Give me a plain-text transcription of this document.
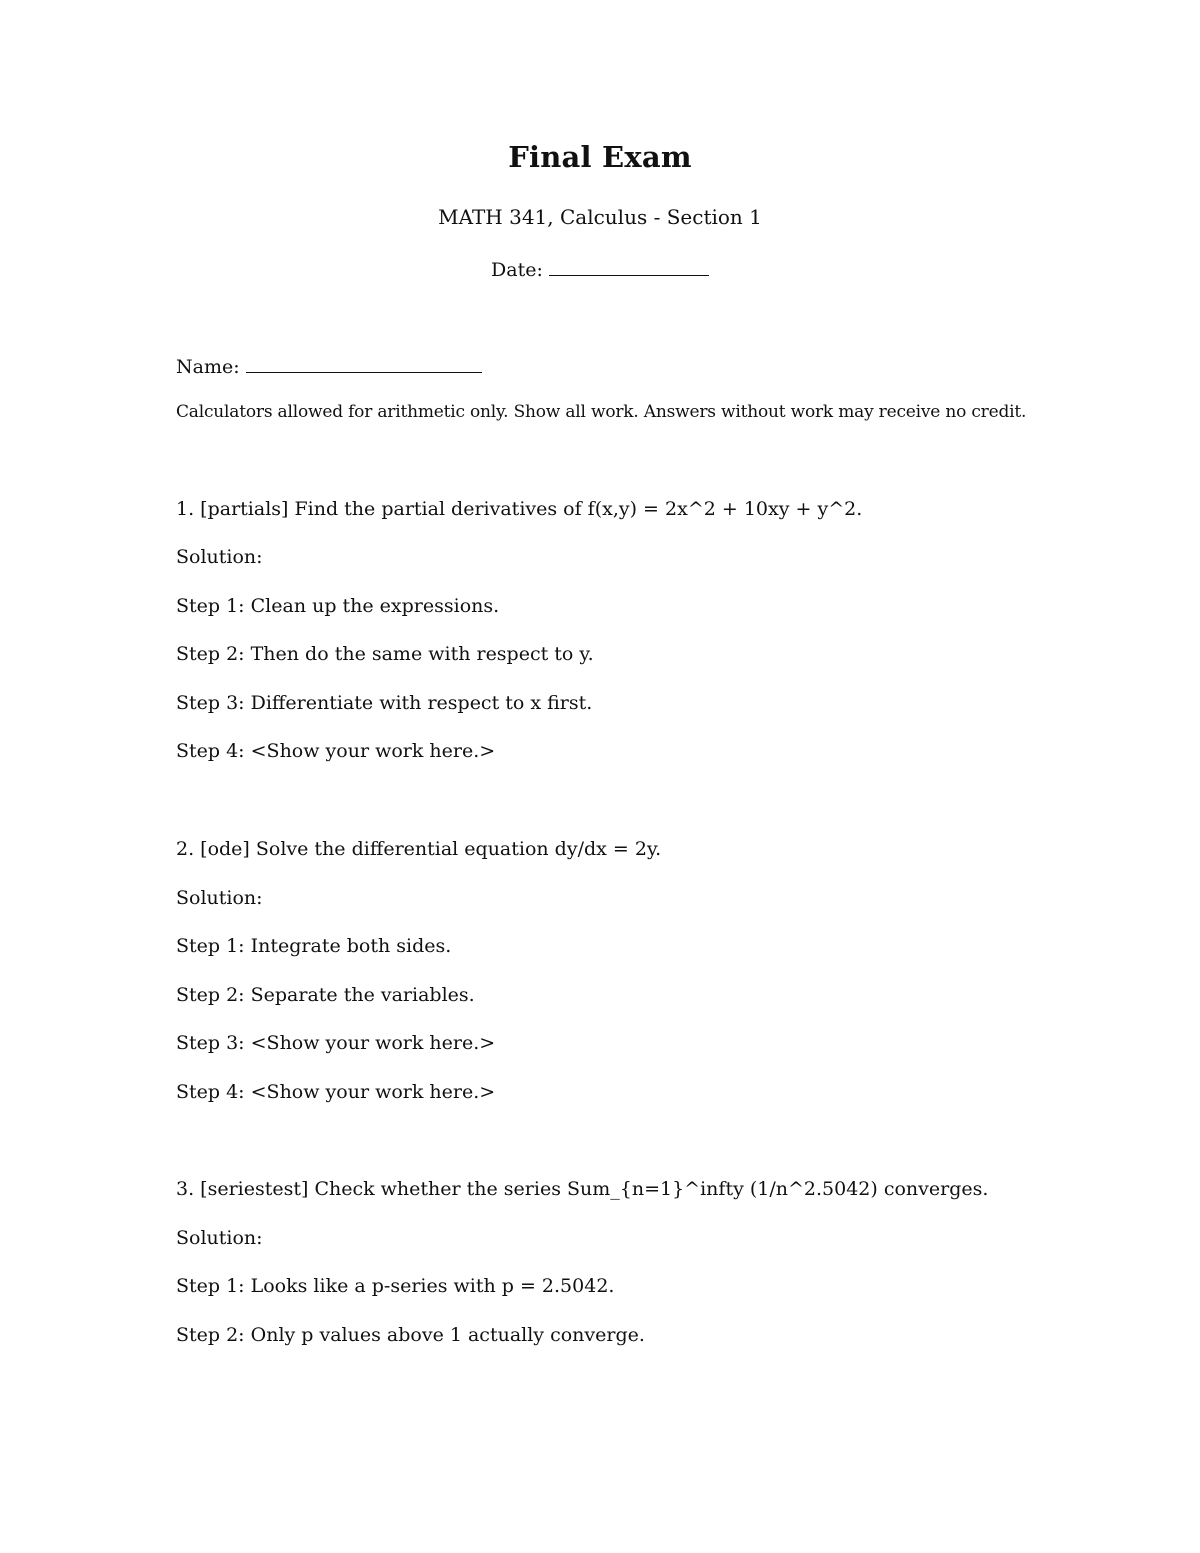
Final Exam
MATH 341, Calculus - Section 1
Date:
Name:
Calculators allowed for arithmetic only. Show all work. Answers without work may receive no credit.
1. [partials] Find the partial derivatives of f(x,y) = 2x^2 + 10xy + y^2.
Solution:
Step 1: Clean up the expressions.
Step 2: Then do the same with respect to y.
Step 3: Differentiate with respect to x first.
Step 4: <Show your work here.>
2. [ode] Solve the differential equation dy/dx = 2y.
Solution:
Step 1: Integrate both sides.
Step 2: Separate the variables.
Step 3: <Show your work here.>
Step 4: <Show your work here.>
3. [seriestest] Check whether the series Sum_{n=1}^infty (1/n^2.5042) converges.
Solution:
Step 1: Looks like a p-series with p = 2.5042.
Step 2: Only p values above 1 actually converge.
